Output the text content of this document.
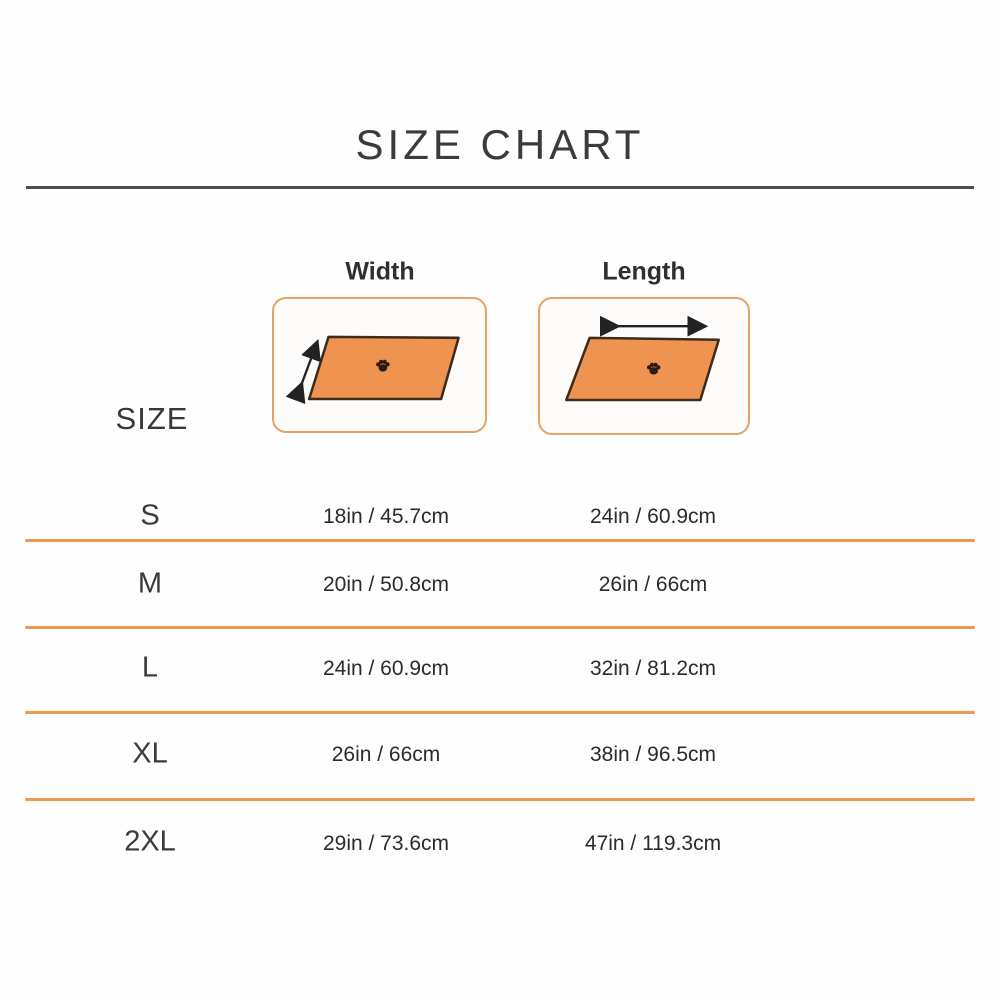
SIZE CHART
Width	Length
SIZE
S	18in / 45.7cm	24in / 60.9cm
M	20in / 50.8cm	26in / 66cm
L	24in / 60.9cm	32in / 81.2cm
XL	26in / 66cm	38in / 96.5cm
2XL	29in / 73.6cm	47in / 119.3cm
